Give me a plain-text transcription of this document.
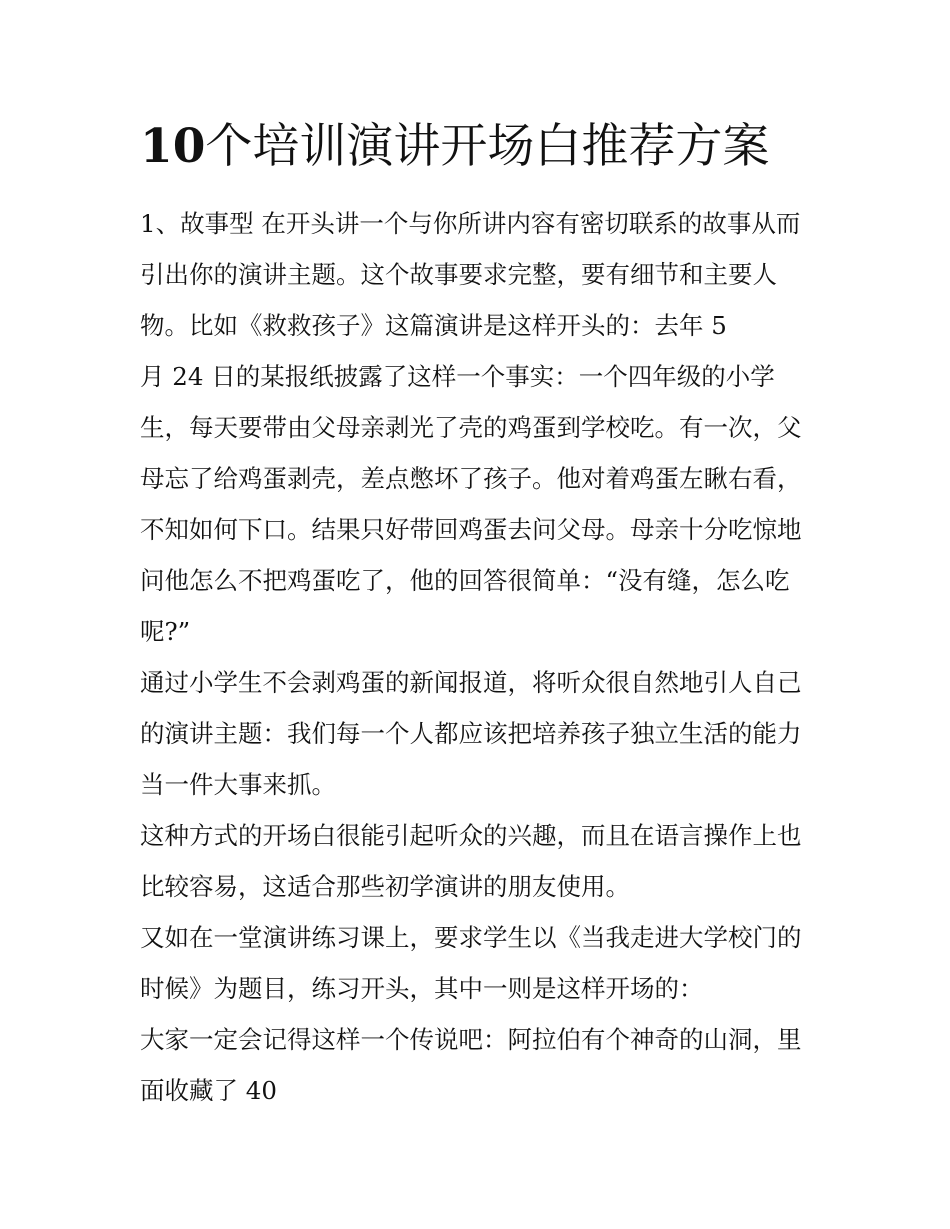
10个培训演讲开场白推荐方案

1、故事型 在开头讲一个与你所讲内容有密切联系的故事从而

引出你的演讲主题。这个故事要求完整，要有细节和主要人

物。比如《救救孩子》这篇演讲是这样开头的：去年 5

月 24 日的某报纸披露了这样一个事实：一个四年级的小学

生，每天要带由父母亲剥光了壳的鸡蛋到学校吃。有一次，父

母忘了给鸡蛋剥壳，差点憋坏了孩子。他对着鸡蛋左瞅右看，

不知如何下口。结果只好带回鸡蛋去问父母。母亲十分吃惊地

问他怎么不把鸡蛋吃了，他的回答很简单：“没有缝，怎么吃

呢?”

通过小学生不会剥鸡蛋的新闻报道，将听众很自然地引人自己

的演讲主题：我们每一个人都应该把培养孩子独立生活的能力

当一件大事来抓。

这种方式的开场白很能引起听众的兴趣，而且在语言操作上也

比较容易，这适合那些初学演讲的朋友使用。

又如在一堂演讲练习课上，要求学生以《当我走进大学校门的

时候》为题目，练习开头，其中一则是这样开场的：

大家一定会记得这样一个传说吧：阿拉伯有个神奇的山洞，里

面收藏了 40
